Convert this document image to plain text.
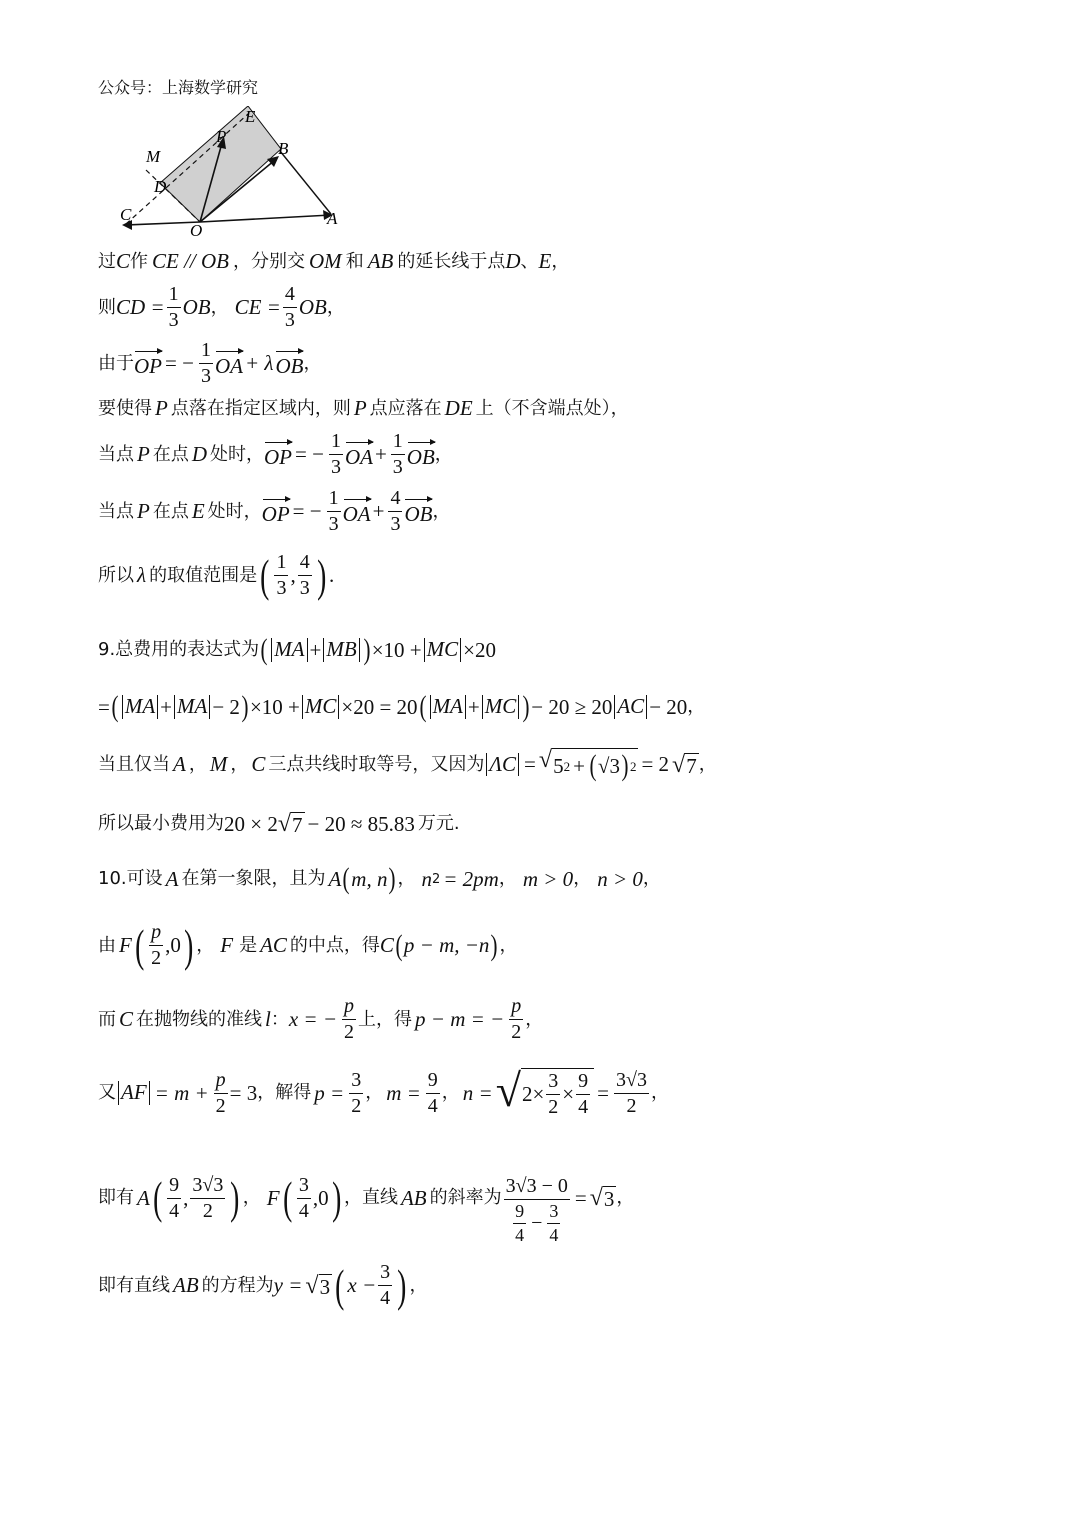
公众号：上海数学研究
P
E
M	B
D
C	A
O
过 C 作 CE // OB ，分别交 OM 和 AB 的延长线于点 D 、 E ，
则 CD = $\frac{1}{3}$ OB ， CE = $\frac{4}{3}$ OB ，
由于 OP = − $\frac{1}{3}$ OA + λ OB ，
要使得 P 点落在指定区域内，则 P 点应落在 DE 上（不含端点处），
当点 P 在点 D 处时， OP = − $\frac{1}{3}$ OA + $\frac{1}{3}$ OB ，
当点 P 在点 E 处时， OP = − $\frac{1}{3}$ OA + $\frac{4}{3}$ OB ，
所以 λ 的取值范围是 ( 1
3
,
4
3 ) .
9.总费用的表达式为 ( MA + MB ) ×10 + MC ×20
= ( MA + MA − 2 ) ×10 + MC ×20 = 20 ( MA + MC ) − 20 ≥ 20 AC − 20 ，
当且仅当 A ， M ， C 三点共线时取等号，又因为 ΛC = √ 5 2 + ( √ 3 ) 2 = 2 √ 7 ，
所以最小费用为 20 × 2 √ 7 − 20 ≈ 85.83 万元.
10.可设 A 在第一象限，且为 A ( m, n ) ， n 2 = 2pm ， m > 0 ， n > 0 ，
由 F ( p
2
,0 ) ， F 是 AC 的中点，得 C ( p − m, −n ) ，
而 C 在抛物线的准线 l ： x = − $\frac{p}{2}$ 上，得 p − m = − $\frac{p}{2}$ ，
又 AF = $m + \frac{p}{2} = 3$ ，解得 $p = \frac{3}{2}$ ， $m = \frac{9}{4}$ ， n = √ $2\times \frac{3}{2} \times \frac{9}{4} = \frac{3√3}{2}$ ，
即有 A ( 9
4
,
3√3
2 ) ， F ( 3
4
,0 ) ，直线 AB 的斜率为 3√3 − 0
9
4
− $\frac{3}{4}$ = √ 3 ，
即有直线 AB 的方程为 y = √ 3 ( $x - \frac{3}{4}$ ) ，
